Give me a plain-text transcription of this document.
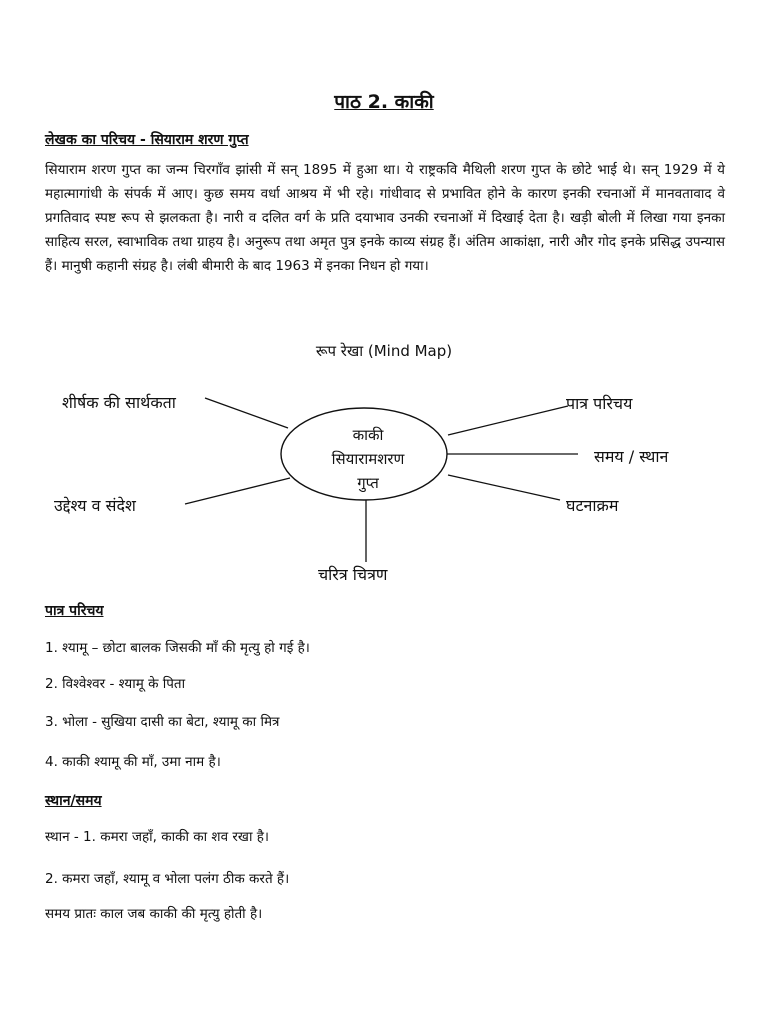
पाठ 2. काकी
लेखक का परिचय - सियाराम शरण गुप्त
सियाराम शरण गुप्त का जन्म चिरगाँव झांसी में सन् 1895 में हुआ था। ये राष्ट्रकवि मैथिली शरण गुप्त के छोटे भाई थे। सन् 1929 में ये महात्मागांधी के संपर्क में आए। कुछ समय वर्धा आश्रय में भी रहे। गांधीवाद से प्रभावित होने के कारण इनकी रचनाओं में मानवतावाद वे प्रगतिवाद स्पष्ट रूप से झलकता है। नारी व दलित वर्ग के प्रति दयाभाव उनकी रचनाओं में दिखाई देता है। खड़ी बोली में लिखा गया इनका साहित्य सरल, स्वाभाविक तथा ग्राहय है। अनुरूप तथा अमृत पुत्र इनके काव्य संग्रह हैं। अंतिम आकांक्षा, नारी और गोद इनके प्रसिद्ध उपन्यास हैं। मानुषी कहानी संग्रह है। लंबी बीमारी के बाद 1963 में इनका निधन हो गया।
रूप रेखा (Mind Map)
काकी
सियारामशरण
गुप्त
शीर्षक की सार्थकता	पात्र परिचय
समय / स्थान
उद्देश्य व संदेश	घटनाक्रम
चरित्र चित्रण
पात्र परिचय
1. श्यामू – छोटा बालक जिसकी माँ की मृत्यु हो गई है।
2. विश्वेश्वर - श्यामू के पिता
3. भोला - सुखिया दासी का बेटा, श्यामू का मित्र
4. काकी श्यामू की माँ, उमा नाम है।
स्थान/समय
स्थान - 1. कमरा जहाँ, काकी का शव रखा है।
2. कमरा जहाँ, श्यामू व भोला पलंग ठीक करते हैं।
समय प्रातः काल जब काकी की मृत्यु होती है।
